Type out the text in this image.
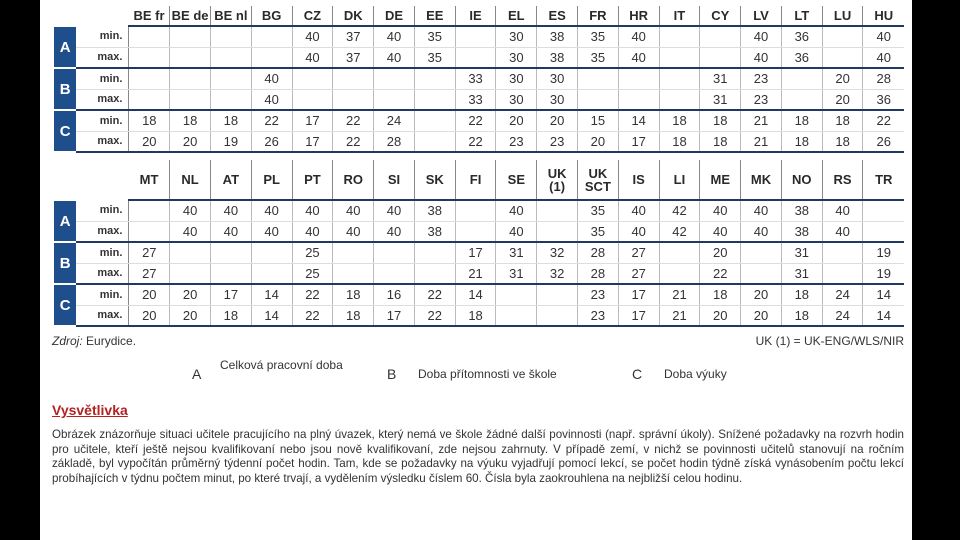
		BE fr	BE de	BE nl	BG	CZ	DK	DE	EE	IE	EL	ES	FR	HR	IT	CY	LV	LT	LU	HU
A	min.					40	37	40	35		30	38	35	40			40	36		40
	max.					40	37	40	35		30	38	35	40			40	36		40
B	min.				40					33	30	30				31	23		20	28
	max.				40					33	30	30				31	23		20	36
C	min.	18	18	18	22	17	22	24		22	20	20	15	14	18	18	21	18	18	22
	max.	20	20	19	26	17	22	28		22	23	23	20	17	18	18	21	18	18	26
		MT	NL	AT	PL	PT	RO	SI	SK	FI	SE	UK (1)	UK SCT	IS	LI	ME	MK	NO	RS	TR
A	min.		40	40	40	40	40	40	38		40		35	40	42	40	40	38	40	
	max.		40	40	40	40	40	40	38		40		35	40	42	40	40	38	40	
B	min.	27				25				17	31	32	28	27		20		31		19
	max.	27				25				21	31	32	28	27		22		31		19
C	min.	20	20	17	14	22	18	16	22	14			23	17	21	18	20	18	24	14
	max.	20	20	18	14	22	18	17	22	18			23	17	21	20	20	18	24	14
Zdroj: Eurydice.	UK (1) = UK-ENG/WLS/NIR
A
Celková pracovní doba
B Doba přítomnosti ve škole	C Doba výuky
Vysvětlivka
Obrázek znázorňuje situaci učitele pracujícího na plný úvazek, který nemá ve škole žádné další povinnosti (např. správní úkoly). Snížené požadavky na rozvrh hodin pro učitele, kteří ještě nejsou kvalifikovaní nebo jsou nově kvalifikovaní, zde nejsou zahrnuty. V případě zemí, v nichž se povinnosti učitelů stanovují na ročním základě, byl vypočítán průměrný týdenní počet hodin. Tam, kde se požadavky na výuku vyjadřují pomocí lekcí, se počet hodin týdně získá vynásobením počtu lekcí probíhajících v týdnu počtem minut, po které trvají, a vydělením výsledku číslem 60. Čísla byla zaokrouhlena na nejbližší celou hodinu.
